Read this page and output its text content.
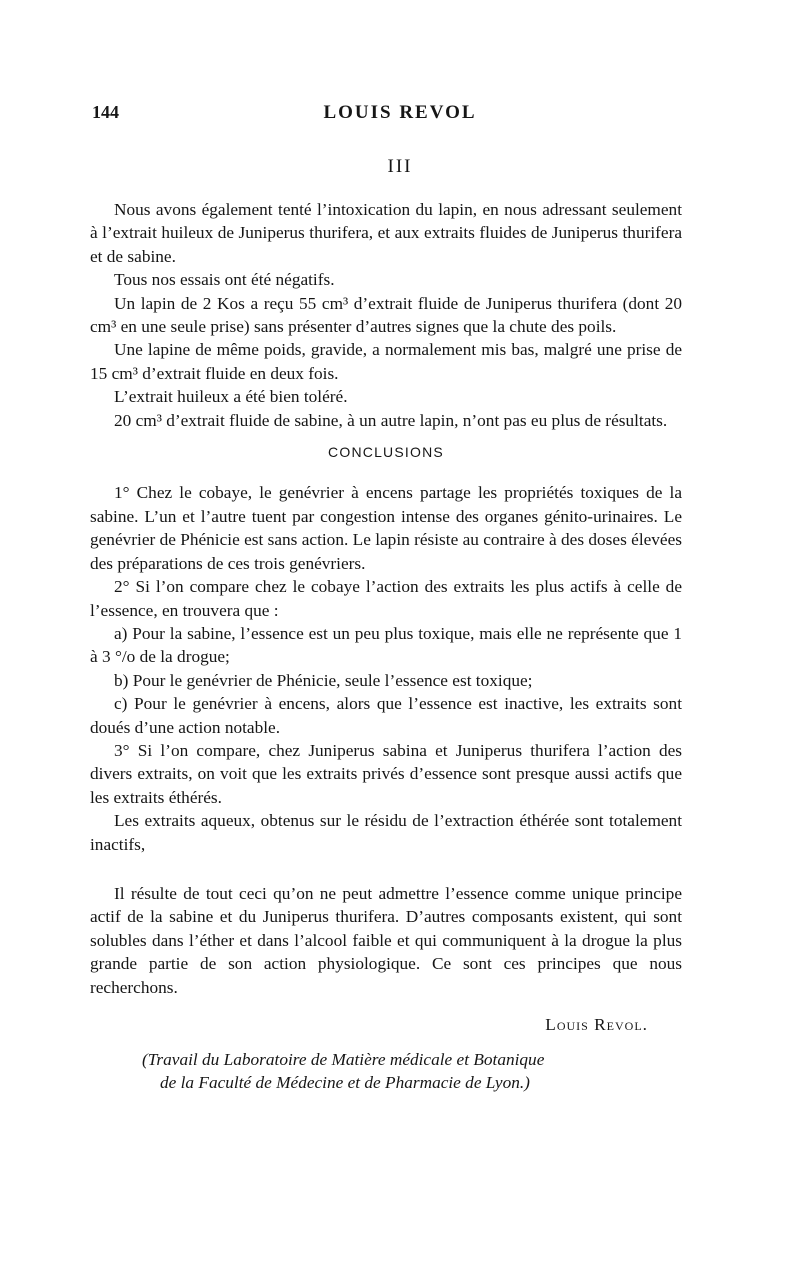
144	LOUIS REVOL
III

Nous avons également tenté l’intoxication du lapin, en nous adressant seulement à l’extrait huileux de Juniperus thurifera, et aux extraits fluides de Juniperus thurifera et de sabine.

Tous nos essais ont été négatifs.

Un lapin de 2 Kos a reçu 55 cm³ d’extrait fluide de Juniperus thurifera (dont 20 cm³ en une seule prise) sans présenter d’autres signes que la chute des poils.

Une lapine de même poids, gravide, a normalement mis bas, malgré une prise de 15 cm³ d’extrait fluide en deux fois.

L’extrait huileux a été bien toléré.

20 cm³ d’extrait fluide de sabine, à un autre lapin, n’ont pas eu plus de résultats.

CONCLUSIONS

1° Chez le cobaye, le genévrier à encens partage les propriétés toxiques de la sabine. L’un et l’autre tuent par congestion intense des organes génito-urinaires. Le genévrier de Phénicie est sans action. Le lapin résiste au contraire à des doses élevées des préparations de ces trois genévriers.

2° Si l’on compare chez le cobaye l’action des extraits les plus actifs à celle de l’essence, en trouvera que :

a) Pour la sabine, l’essence est un peu plus toxique, mais elle ne représente que 1 à 3 °/o de la drogue;

b) Pour le genévrier de Phénicie, seule l’essence est toxique;

c) Pour le genévrier à encens, alors que l’essence est inactive, les extraits sont doués d’une action notable.

3° Si l’on compare, chez Juniperus sabina et Juniperus thurifera l’action des divers extraits, on voit que les extraits privés d’essence sont presque aussi actifs que les extraits éthérés.

Les extraits aqueux, obtenus sur le résidu de l’extraction éthérée sont totalement inactifs,

Il résulte de tout ceci qu’on ne peut admettre l’essence comme unique principe actif de la sabine et du Juniperus thurifera. D’autres composants existent, qui sont solubles dans l’éther et dans l’alcool faible et qui communiquent à la drogue la plus grande partie de son action physiologique. Ce sont ces principes que nous recherchons.

Louis Revol.
(Travail du Laboratoire de Matière médicale et Botanique
de la Faculté de Médecine et de Pharmacie de Lyon.)
